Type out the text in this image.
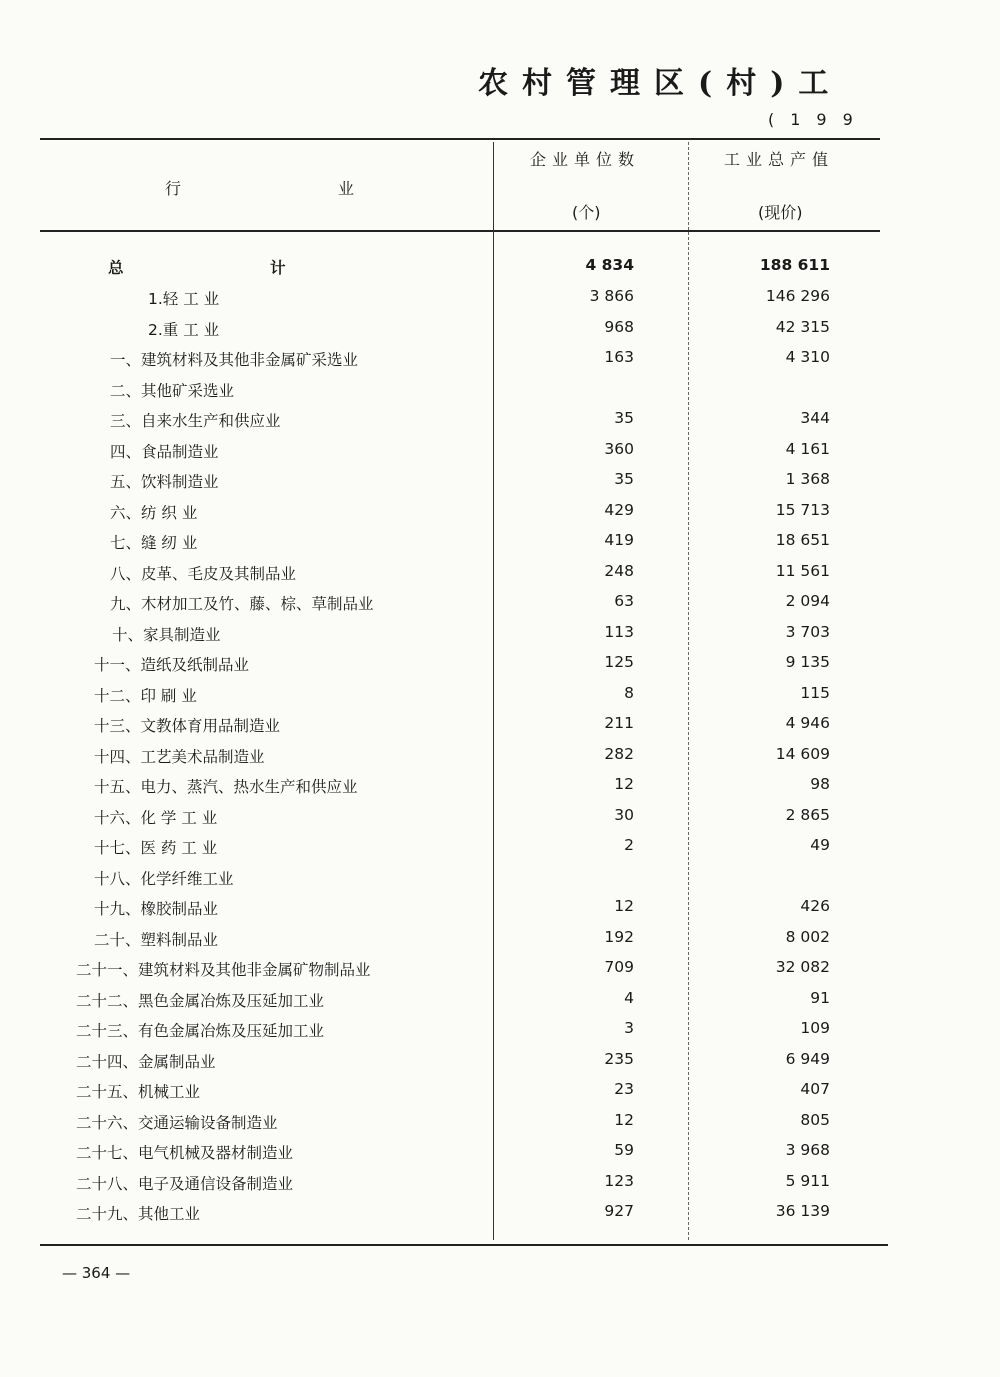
农村管理区(村)工
(199
行	业
企业单位数
(个)
工业总产值
(现价)
总	计	4 834	188 611
1.轻 工 业	3 866	146 296
2.重 工 业	968	42 315
一、建筑材料及其他非金属矿采选业	163	4 310
二、其他矿采选业
三、自来水生产和供应业	35	344
四、食品制造业	360	4 161
五、饮料制造业	35	1 368
六、纺 织 业	429	15 713
七、缝 纫 业	419	18 651
八、皮革、毛皮及其制品业	248	11 561
九、木材加工及竹、藤、棕、草制品业	63	2 094
十、家具制造业	113	3 703
十一、造纸及纸制品业	125	9 135
十二、印 刷 业	8	115
十三、文教体育用品制造业	211	4 946
十四、工艺美术品制造业	282	14 609
十五、电力、蒸汽、热水生产和供应业	12	98
十六、化 学 工 业	30	2 865
十七、医 药 工 业	2	49
十八、化学纤维工业
十九、橡胶制品业	12	426
二十、塑料制品业	192	8 002
二十一、建筑材料及其他非金属矿物制品业	709	32 082
二十二、黑色金属冶炼及压延加工业	4	91
二十三、有色金属冶炼及压延加工业	3	109
二十四、金属制品业	235	6 949
二十五、机械工业	23	407
二十六、交通运输设备制造业	12	805
二十七、电气机械及器材制造业	59	3 968
二十八、电子及通信设备制造业	123	5 911
二十九、其他工业	927	36 139
— 364 —
